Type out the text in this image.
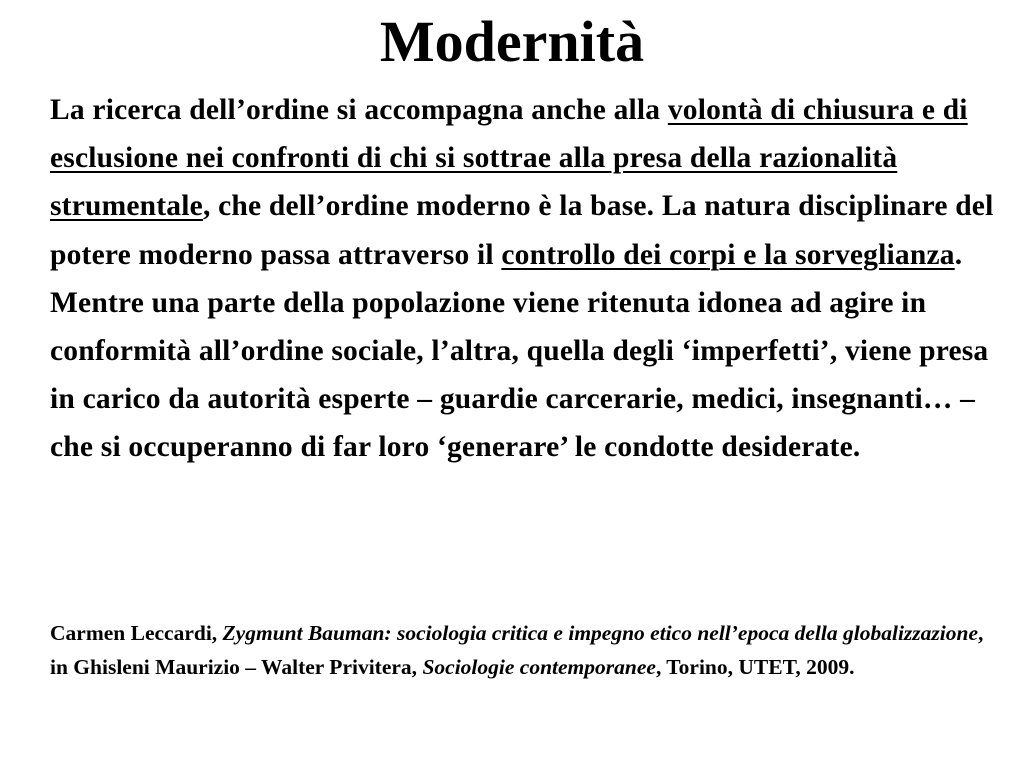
Modernità

La ricerca dell’ordine si accompagna anche alla volontà di chiusura e di esclusione nei confronti di chi si sottrae alla presa della razionalità strumentale, che dell’ordine moderno è la base. La natura disciplinare del potere moderno passa attraverso il controllo dei corpi e la sorveglianza. Mentre una parte della popolazione viene ritenuta idonea ad agire in conformità all’ordine sociale, l’altra, quella degli ‘imperfetti’, viene presa in carico da autorità esperte – guardie carcerarie, medici, insegnanti… – che si occuperanno di far loro ‘generare’ le condotte desiderate.

Carmen Leccardi, Zygmunt Bauman: sociologia critica e impegno etico nell’epoca della globalizzazione, in Ghisleni Maurizio – Walter Privitera, Sociologie contemporanee, Torino, UTET, 2009.
